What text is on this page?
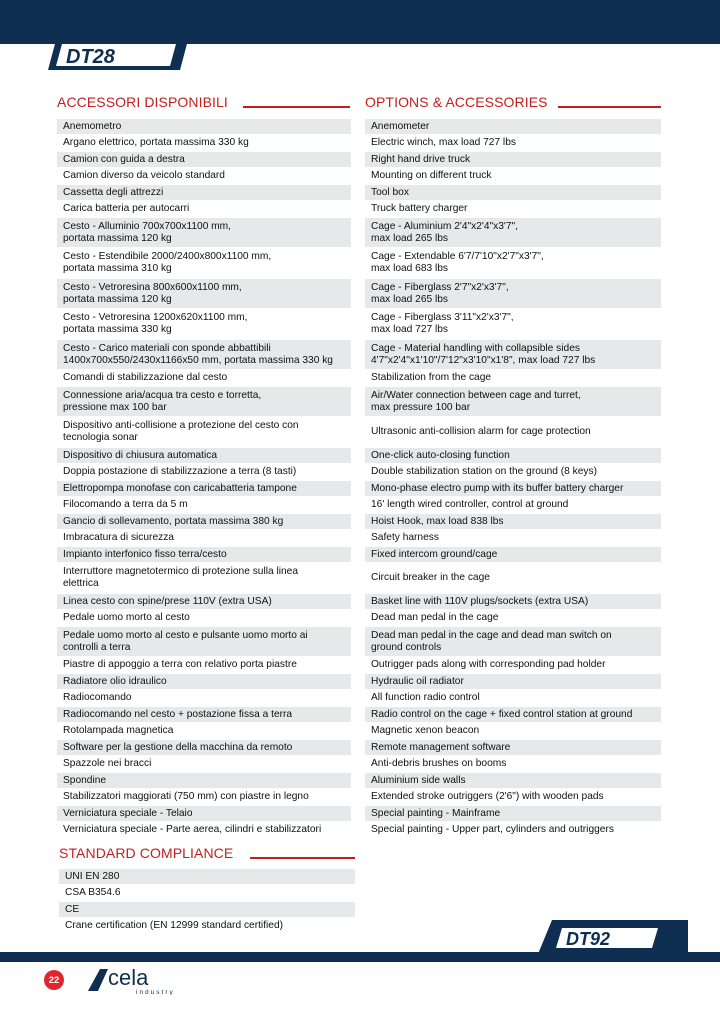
DT28
ACCESSORI DISPONIBILI	OPTIONS & ACCESSORIES
Anemometro
Argano elettrico, portata massima 330 kg
Camion con guida a destra
Camion diverso da veicolo standard
Cassetta degli attrezzi
Carica batteria per autocarri
Cesto - Alluminio 700x700x1100 mm,
portata massima 120 kg
Cesto - Estendibile 2000/2400x800x1100 mm,
portata massima 310 kg
Cesto - Vetroresina 800x600x1100 mm,
portata massima 120 kg
Cesto - Vetroresina 1200x620x1100 mm,
portata massima 330 kg
Cesto - Carico materiali con sponde abbattibili
1400x700x550/2430x1166x50 mm, portata massima 330 kg
Comandi di stabilizzazione dal cesto
Connessione aria/acqua tra cesto e torretta,
pressione max 100 bar
Dispositivo anti-collisione a protezione del cesto con
tecnologia sonar
Dispositivo di chiusura automatica
Doppia postazione di stabilizzazione a terra (8 tasti)
Elettropompa monofase con caricabatteria tampone
Filocomando a terra da 5 m
Gancio di sollevamento, portata massima 380 kg
Imbracatura di sicurezza
Impianto interfonico fisso terra/cesto
Interruttore magnetotermico di protezione sulla linea
elettrica
Linea cesto con spine/prese 110V (extra USA)
Pedale uomo morto al cesto
Pedale uomo morto al cesto e pulsante uomo morto ai
controlli a terra
Piastre di appoggio a terra con relativo porta piastre
Radiatore olio idraulico
Radiocomando
Radiocomando nel cesto + postazione fissa a terra
Rotolampada magnetica
Software per la gestione della macchina da remoto
Spazzole nei bracci
Spondine
Stabilizzatori maggiorati (750 mm) con piastre in legno
Verniciatura speciale - Telaio
Verniciatura speciale - Parte aerea, cilindri e stabilizzatori
Anemometer
Electric winch, max load 727 lbs
Right hand drive truck
Mounting on different truck
Tool box
Truck battery charger
Cage - Aluminium 2'4"x2'4"x3'7",
max load 265 lbs
Cage - Extendable 6'7/7'10"x2'7"x3'7",
max load 683 lbs
Cage - Fiberglass 2'7"x2'x3'7",
max load 265 lbs
Cage - Fiberglass 3'11"x2'x3'7",
max load 727 lbs
Cage - Material handling with collapsible sides
4'7"x2'4"x1'10"/7'12"x3'10"x1'8", max load 727 lbs
Stabilization from the cage
Air/Water connection between cage and turret,
max pressure 100 bar
Ultrasonic anti-collision alarm for cage protection
One-click auto-closing function
Double stabilization station on the ground (8 keys)
Mono-phase electro pump with its buffer battery charger
16' length wired controller, control at ground
Hoist Hook, max load 838 lbs
Safety harness
Fixed intercom ground/cage
Circuit breaker in the cage
Basket line with 110V plugs/sockets (extra USA)
Dead man pedal in the cage
Dead man pedal in the cage and dead man switch on
ground controls
Outrigger pads along with corresponding pad holder
Hydraulic oil radiator
All function radio control
Radio control on the cage + fixed control station at ground
Magnetic xenon beacon
Remote management software
Anti-debris brushes on booms
Aluminium side walls
Extended stroke outriggers (2'6") with wooden pads
Special painting - Mainframe
Special painting - Upper part, cylinders and outriggers
STANDARD COMPLIANCE
UNI EN 280
CSA B354.6
CE
Crane certification (EN 12999 standard certified)
DT92
22 cela
industry
